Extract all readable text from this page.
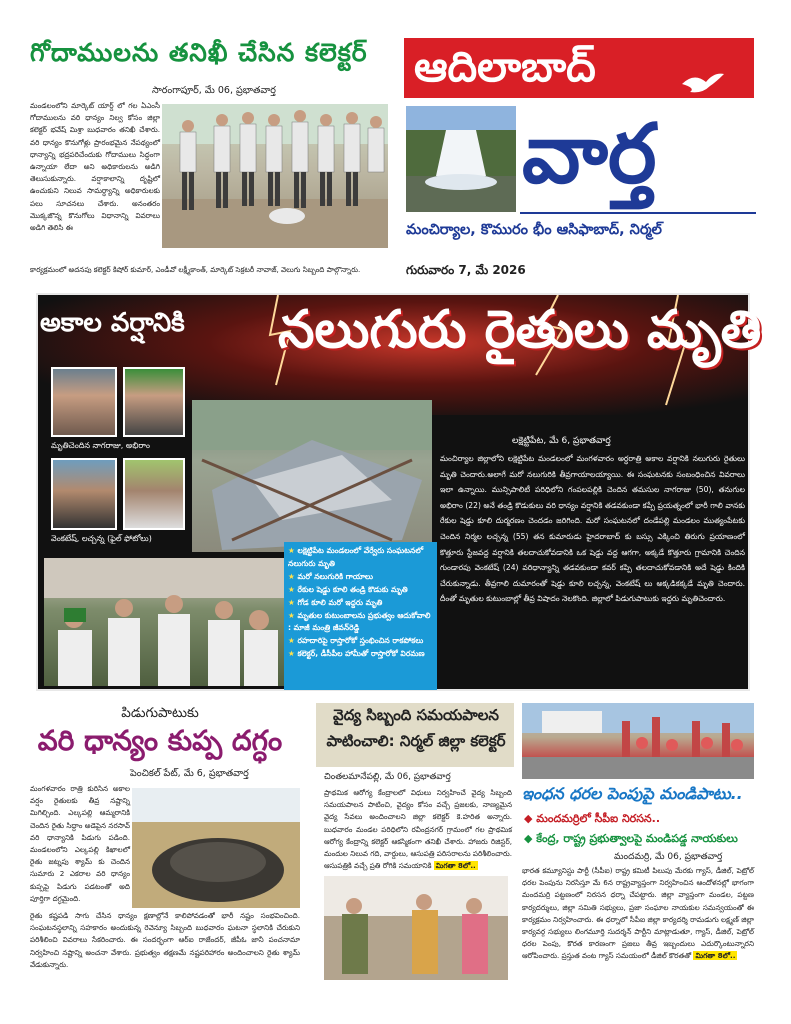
గోదాములను తనిఖీ చేసిన కలెక్టర్
సారంగాపూర్, మే 06, ప్రభాతవార్త
మండలంలోని మార్కెట్ యార్డ్ లో గల ఏఎంసీ గోదాములను వరి ధాన్యం నిల్వ కోసం జిల్లా కలెక్టర్ భవేష్ మిశ్రా బుధవారం తనిఖీ చేశారు. వరి ధాన్యం కొనుగోళ్లు ప్రారంభమైన నేపథ్యంలో ధాన్యాన్ని భద్రపరిచేందుకు గోదాములు సిద్ధంగా ఉన్నాయా లేదా అని అధికారులను అడిగి తెలుసుకున్నారు. వర్షాకాలాన్ని దృష్టిలో ఉంచుకుని నిలువ సామర్థ్యాన్ని అధికారులకు పలు సూచనలు చేశారు. అనంతరం మొక్కజొన్న కొనుగోలు విధానాన్ని వివరాలు అడిగి తెలిసి ఈ
కార్యక్రమంలో అదనపు కలెక్టర్ కిషోర్ కుమార్, ఎండీవో లక్ష్మీకాంత్, మార్కెట్ సెక్రటరీ నావాజ్, వెలుగు సిబ్బంది పాల్గొన్నారు.
ఆదిలాబాద్
వార్త
మంచిర్యాల, కొమురం భీం ఆసిఫాబాద్, నిర్మల్
గురువారం 7, మే 2026
అకాల వర్షానికి నలుగురు రైతులు మృతి
మృతిచెందిన నాగరాజు, అభిరాం
వెంకటేష్, లచ్చన్న (ఫైల్ ఫోటోలు)
లక్షెట్టిపేట, మే 6, ప్రభాతవార్త
మంచిర్యాల జిల్లాలోని లక్షెట్టిపేట మండలంలో మంగళవారం అర్ధరాత్రి అకాల వర్షానికి నలుగురు రైతులు మృతి చెందారు.అలాగే మరో నలుగురికి తీవ్రగాయాలయ్యాయి. ఈ సంఘటనకు సంబంధించిన వివరాలు ఇలా ఉన్నాయి. మున్సిపాలిటీ పరిధిలోని గంపలపల్లికి చెందిన తమసుల నాగరాజు (50), తనుగుల అభిరాం (22) అనే తండ్రి కొడుకులు వరి ధాన్యం వర్షానికి తడవకుండా కప్పే ప్రయత్నంలో భారీ గాలి వానకు రేకుల షెడ్డు కూలి దుర్మరణం చెందడం జరిగింది. మరో సంఘటనలో దండేపల్లి మండలం ముత్యంపేటకు చెందిన నిర్మల లచ్చన్న (55) తన కుమారుడు హైదరాబాద్ కు బస్సు ఎక్కించి తిరుగు ప్రయాణంలో కొత్తూరు స్టేజవద్ద వర్షానికి తలదాచుకోవడానికి ఒక షెడ్డు వద్ద ఆగగా, అక్కడే కొత్తూరు గ్రామానికి చెందిన గుండారపు వెంకటేష్ (24) వరిధాన్యాన్ని తడవకుండా కవర్ కప్పి తలదాచుకోవడానికి అదే షెడ్డు కిందికి చేరుకున్నాడు. తీవ్రగాలి దుమారంతో షెడ్డు కూలి లచ్చన్న, వెంకటేష్ లు అక్కడికక్కడే మృతి చెందారు. దీంతో మృతుల కుటుంబాల్లో తీవ్ర విషాదం నెలకొంది. జిల్లాలో పిడుగుపాటుకు ఇద్దరు మృతిచెందారు.
★ లక్షెట్టిపేట మండలంలో వేర్వేరు సంఘటనలో నలుగురు మృతి
★ మరో నలుగురికి గాయాలు
★ రేకుల షెడ్డు కూలి తండ్రి కొడుకు మృతి
★ గోడ కూలి మరో ఇద్దరు మృతి
★ మృతుల కుటుంబాలను ప్రభుత్వం ఆదుకోవాలి : మాజీ మంత్రి జీవన్‌రెడ్డి
★ రహదారిపై రాస్తారోకో స్తంభించిన రాకపోకలు
★ కలెక్టర్, డీసీపీల హామీతో రాస్తారోకో విరమణ
పిడుగుపాటుకు
వరి ధాన్యం కుప్ప దగ్ధం
పెంచికల్ పేట్, మే 6, ప్రభాతవార్త
మంగళవారం రాత్రి కురిసిన అకాల వర్షం రైతులకు తీవ్ర నష్టాన్ని మిగిల్చింది. ఎల్కపల్లి ఆమ్మరానికి చెందిన రైతు సిద్ధాం అడెపైన నరసావ్ వరి ధాన్యానికి పిడుగు పడింది. మండలంలోని ఎల్కపల్లి కిఖాలలో రైతు జట్నపు శ్యామ్ కు చెందిన సుమారు 2 ఎకరాల వరి ధాన్యం కుప్పపై పిడుగు పడటంతో అది పూర్తిగా దగ్ధమైంది.
రైతు కష్టపడి సాగు చేసిన ధాన్యం క్షణాల్లోనే కాలిపోవడంతో భారీ నష్టం సంభవించింది. సంఘటనస్థలాన్ని సహకారం అందుకున్న రెవెన్యూ సిబ్బంది బుధవారం ఘటనా స్థలానికి చేరుకుని పరిశీలించి వివరాలు సేకరించారు. ఈ సందర్భంగా ఆర్ఐ రాజేందర్, జీపీఓ జానీ పంచనామా నిర్వహించి నష్టాన్ని అంచనా వేశారు. ప్రభుత్వం తక్షణమే నష్టపరిహారం అందించాలని రైతు శ్యామ్ వేడుకున్నారు.
వైద్య సిబ్బంది సమయపాలన
పాటించాలి: నిర్మల్ జిల్లా కలెక్టర్
చింతలమానేపల్లి, మే 06, ప్రభాతవార్త
ప్రాథమిక ఆరోగ్య కేంద్రాలలో విధులు నిర్వహించే వైద్య సిబ్బంది సమయపాలన పాటించి, వైద్యం కోసం వచ్చే ప్రజలకు, నాణ్యమైన వైద్య సేవలు అందించాలని జిల్లా కలెక్టర్ కె.హరిత అన్నారు. బుధవారం మండల పరిధిలోని రవీంద్రనగర్ గ్రామంలో గల ప్రాథమిక ఆరోగ్య కేంద్రాన్ని కలెక్టర్ ఆకస్మికంగా తనిఖీ చేశారు. హాజరు రిజిస్టర్, మందుల నిలువ గది, వార్డులు, ఆసుపత్రి పరిసరాలను పరిశీలించారు. ఆసుపత్రికి వచ్చే ప్రతి రోగికి సమయానికి మిగతా 8లో..
ఇంధన ధరల పెంపుపై మండిపాటు..
◆ మందమర్రిలో సీపీఐ నిరసన..
◆ కేంద్ర, రాష్ట్ర ప్రభుత్వాలపై మండిపడ్డ నాయకులు
మందమర్రి, మే 06, ప్రభాతవార్త
భారత కమ్యూనిస్టు పార్టీ (సీపీఐ) రాష్ట్ర కమిటీ పిలుపు మేరకు గ్యాస్, డీజిల్, పెట్రోల్ ధరల పెంపును నిరసిస్తూ మే 6న రాష్ట్రవ్యాప్తంగా నిర్వహించిన ఆందోళనల్లో భాగంగా మందమర్రి పట్టణంలో నిరసన ధర్నా చేపట్టారు. జిల్లా వ్యాప్తంగా మండల, పట్టణ కార్యదర్శులు, జిల్లా సమితి సభ్యులు, ప్రజా సంఘాల నాయకుల సమన్వయంతో ఈ కార్యక్రమం నిర్వహించారు. ఈ ధర్నాలో సీపీఐ జిల్లా కార్యదర్శి రామడుగు లక్ష్మణ్ జిల్లా కార్యవర్గ సభ్యులు లింగమూర్తి సుదర్శన్ పార్టీని మాట్లాడుతూ, గ్యాస్, డీజిల్, పెట్రోల్ ధరల పెంపు, కొరత కారణంగా ప్రజలు తీవ్ర ఇబ్బందులు ఎదుర్కొంటున్నారని ఆరోపించారు. ప్రస్తుత వంట గ్యాస్ సమయంలో డీజిల్ కొరతతో మిగతా 8లో..
